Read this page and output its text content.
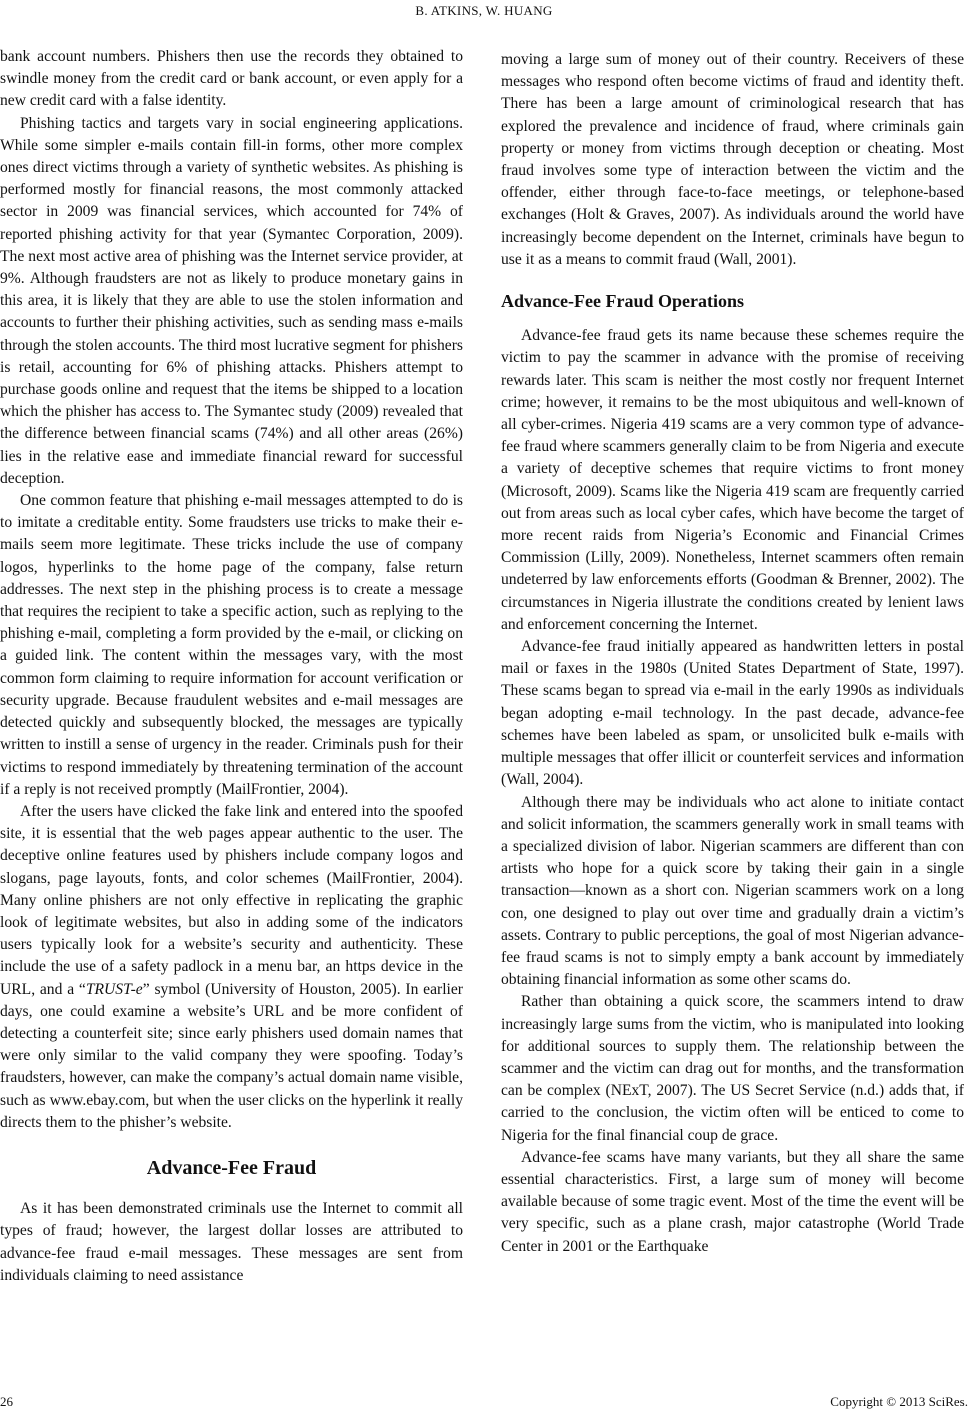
B. ATKINS, W. HUANG

bank account numbers. Phishers then use the records they obtained to swindle money from the credit card or bank account, or even apply for a new credit card with a false identity.

Phishing tactics and targets vary in social engineering applications. While some simpler e-mails contain fill-in forms, other more complex ones direct victims through a variety of synthetic websites. As phishing is performed mostly for financial reasons, the most commonly attacked sector in 2009 was financial services, which accounted for 74% of reported phishing activity for that year (Symantec Corporation, 2009). The next most active area of phishing was the Internet service provider, at 9%. Although fraudsters are not as likely to produce monetary gains in this area, it is likely that they are able to use the stolen information and accounts to further their phishing activities, such as sending mass e-mails through the stolen accounts. The third most lucrative segment for phishers is retail, accounting for 6% of phishing attacks. Phishers attempt to purchase goods online and request that the items be shipped to a location which the phisher has access to. The Symantec study (2009) revealed that the difference between financial scams (74%) and all other areas (26%) lies in the relative ease and immediate financial reward for successful deception.

One common feature that phishing e-mail messages attempted to do is to imitate a creditable entity. Some fraudsters use tricks to make their e-mails seem more legitimate. These tricks include the use of company logos, hyperlinks to the home page of the company, false return addresses. The next step in the phishing process is to create a message that requires the recipient to take a specific action, such as replying to the phishing e-mail, completing a form provided by the e-mail, or clicking on a guided link. The content within the messages vary, with the most common form claiming to require information for account verification or security upgrade. Because fraudulent websites and e-mail messages are detected quickly and subsequently blocked, the messages are typically written to instill a sense of urgency in the reader. Criminals push for their victims to respond immediately by threatening termination of the account if a reply is not received promptly (MailFrontier, 2004).

After the users have clicked the fake link and entered into the spoofed site, it is essential that the web pages appear authentic to the user. The deceptive online features used by phishers include company logos and slogans, page layouts, fonts, and color schemes (MailFrontier, 2004). Many online phishers are not only effective in replicating the graphic look of legitimate websites, but also in adding some of the indicators users typically look for a website’s security and authenticity. These include the use of a safety padlock in a menu bar, an https device in the URL, and a “TRUST-e” symbol (University of Houston, 2005). In earlier days, one could examine a website’s URL and be more confident of detecting a counterfeit site; since early phishers used domain names that were only similar to the valid company they were spoofing. Today’s fraudsters, however, can make the company’s actual domain name visible, such as www.ebay.com, but when the user clicks on the hyperlink it really directs them to the phisher’s website.

Advance-Fee Fraud

As it has been demonstrated criminals use the Internet to commit all types of fraud; however, the largest dollar losses are attributed to advance-fee fraud e-mail messages. These messages are sent from individuals claiming to need assistance

moving a large sum of money out of their country. Receivers of these messages who respond often become victims of fraud and identity theft. There has been a large amount of criminological research that has explored the prevalence and incidence of fraud, where criminals gain property or money from victims through deception or cheating. Most fraud involves some type of interaction between the victim and the offender, either through face-to-face meetings, or telephone-based exchanges (Holt & Graves, 2007). As individuals around the world have increasingly become dependent on the Internet, criminals have begun to use it as a means to commit fraud (Wall, 2001).

Advance-Fee Fraud Operations

Advance-fee fraud gets its name because these schemes require the victim to pay the scammer in advance with the promise of receiving rewards later. This scam is neither the most costly nor frequent Internet crime; however, it remains to be the most ubiquitous and well-known of all cyber-crimes. Nigeria 419 scams are a very common type of advance-fee fraud where scammers generally claim to be from Nigeria and execute a variety of deceptive schemes that require victims to front money (Microsoft, 2009). Scams like the Nigeria 419 scam are frequently carried out from areas such as local cyber cafes, which have become the target of more recent raids from Nigeria’s Economic and Financial Crimes Commission (Lilly, 2009). Nonetheless, Internet scammers often remain undeterred by law enforcements efforts (Goodman & Brenner, 2002). The circumstances in Nigeria illustrate the conditions created by lenient laws and enforcement concerning the Internet.

Advance-fee fraud initially appeared as handwritten letters in postal mail or faxes in the 1980s (United States Department of State, 1997). These scams began to spread via e-mail in the early 1990s as individuals began adopting e-mail technology. In the past decade, advance-fee schemes have been labeled as spam, or unsolicited bulk e-mails with multiple messages that offer illicit or counterfeit services and information (Wall, 2004).

Although there may be individuals who act alone to initiate contact and solicit information, the scammers generally work in small teams with a specialized division of labor. Nigerian scammers are different than con artists who hope for a quick score by taking their gain in a single transaction—known as a short con. Nigerian scammers work on a long con, one designed to play out over time and gradually drain a victim’s assets. Contrary to public perceptions, the goal of most Nigerian advance-fee fraud scams is not to simply empty a bank account by immediately obtaining financial information as some other scams do.

Rather than obtaining a quick score, the scammers intend to draw increasingly large sums from the victim, who is manipulated into looking for additional sources to supply them. The relationship between the scammer and the victim can drag out for months, and the transformation can be complex (NExT, 2007). The US Secret Service (n.d.) adds that, if carried to the conclusion, the victim often will be enticed to come to Nigeria for the final financial coup de grace.

Advance-fee scams have many variants, but they all share the same essential characteristics. First, a large sum of money will become available because of some tragic event. Most of the time the event will be very specific, such as a plane crash, major catastrophe (World Trade Center in 2001 or the Earthquake

26	Copyright © 2013 SciRes.
